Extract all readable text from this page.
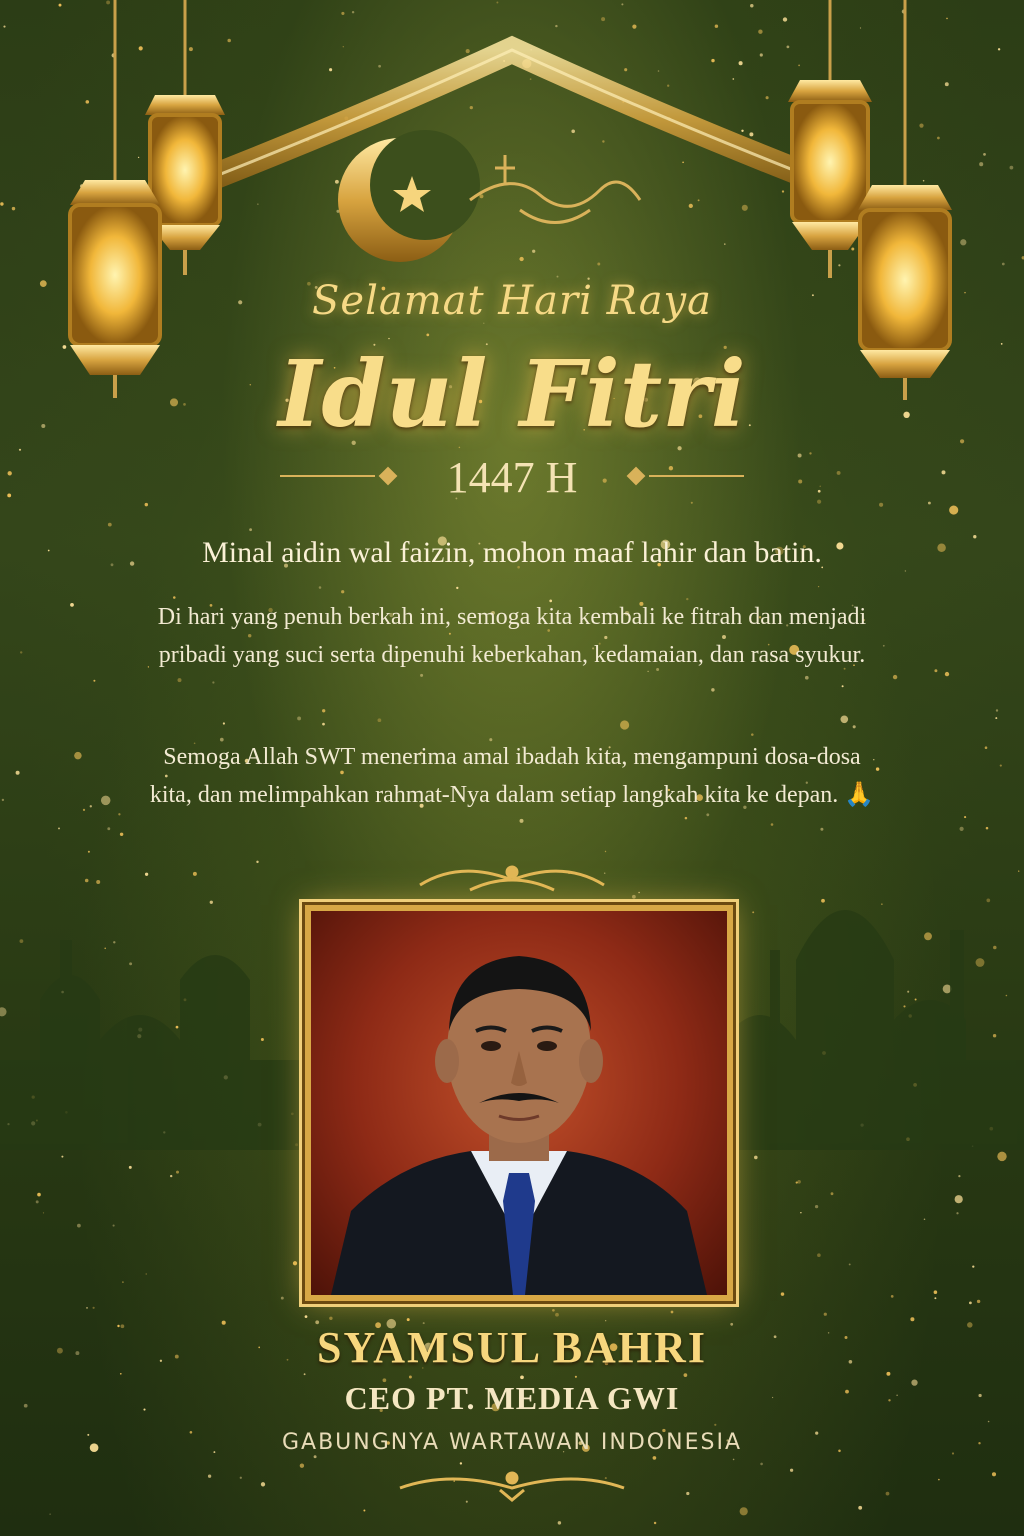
Selamat Hari Raya

Idul Fitri

1447 H

Minal aidin wal faizin, mohon maaf lahir dan batin.

Di hari yang penuh berkah ini, semoga kita kembali ke fitrah dan menjadi pribadi yang suci serta dipenuhi keberkahan, kedamaian, dan rasa syukur.

Semoga Allah SWT menerima amal ibadah kita, mengampuni dosa-dosa kita, dan melimpahkan rahmat-Nya dalam setiap langkah kita ke depan. 🙏

SYAMSUL BAHRI

CEO PT. MEDIA GWI

GABUNGNYA WARTAWAN INDONESIA
